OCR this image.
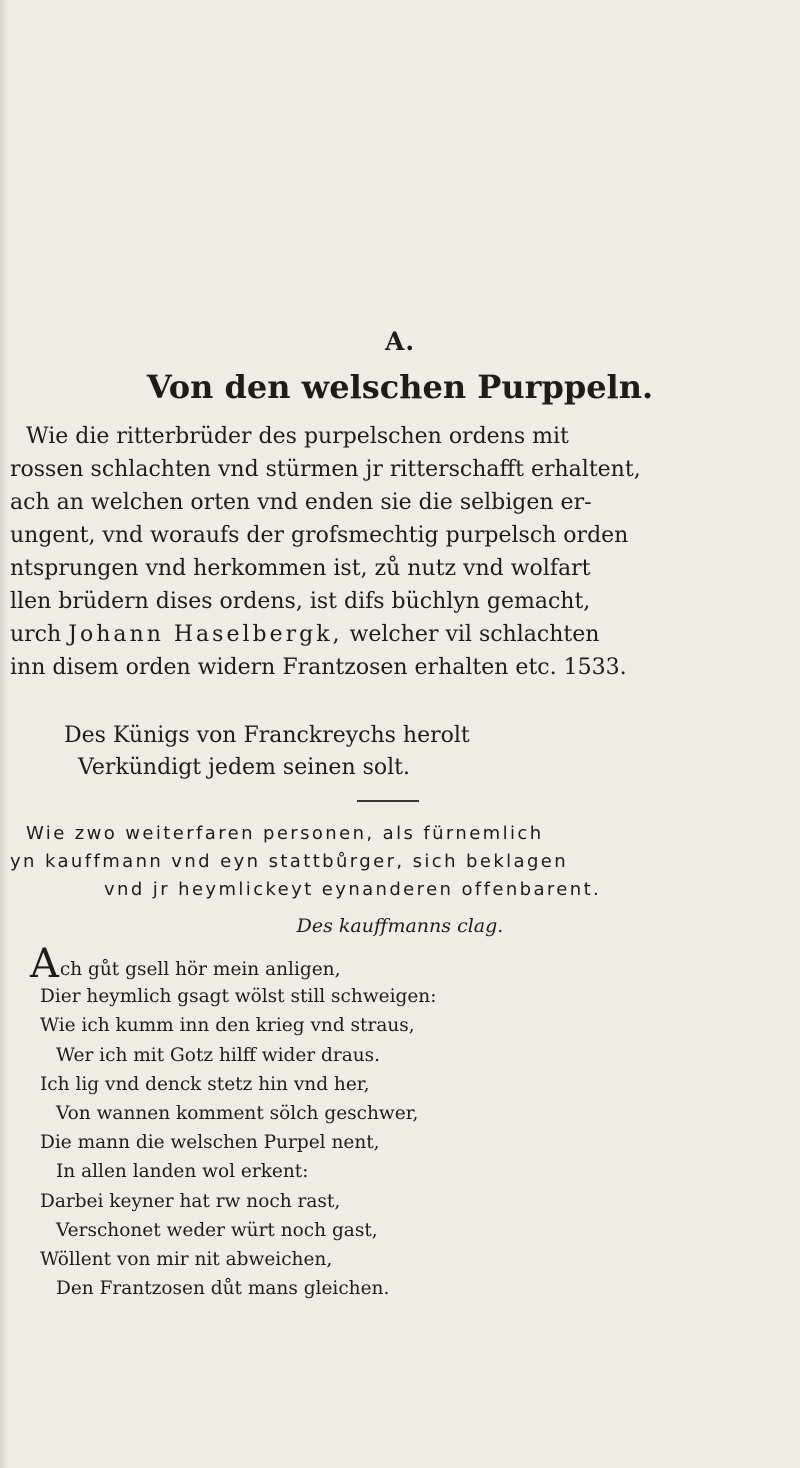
A.
Von den welschen Purppeln.
Wie die ritterbrüder des purpelschen ordens mit
rossen schlachten vnd stürmen jr ritterschafft erhaltent,
ach an welchen orten vnd enden sie die selbigen er-
ungent, vnd woraufs der grofsmechtig purpelsch orden
ntsprungen vnd herkommen ist, zů nutz vnd wolfart
llen brüdern dises ordens, ist difs büchlyn gemacht,
urch Johann Haselbergk, welcher vil schlachten
inn disem orden widern Frantzosen erhalten etc. 1533.
Des Künigs von Franckreychs herolt
Verkündigt jedem seinen solt.
Wie zwo weiterfaren personen, als fürnemlich
yn kauffmann vnd eyn stattbůrger, sich beklagen
vnd jr heymlickeyt eynanderen offenbarent.
Des kauffmanns clag.
Ach gůt gsell hör mein anligen,
Dier heymlich gsagt wölst still schweigen:
Wie ich kumm inn den krieg vnd straus,
Wer ich mit Gotz hilff wider draus.
Ich lig vnd denck stetz hin vnd her,
Von wannen komment sölch geschwer,
Die mann die welschen Purpel nent,
In allen landen wol erkent:
Darbei keyner hat rw noch rast,
Verschonet weder würt noch gast,
Wöllent von mir nit abweichen,
Den Frantzosen důt mans gleichen.
